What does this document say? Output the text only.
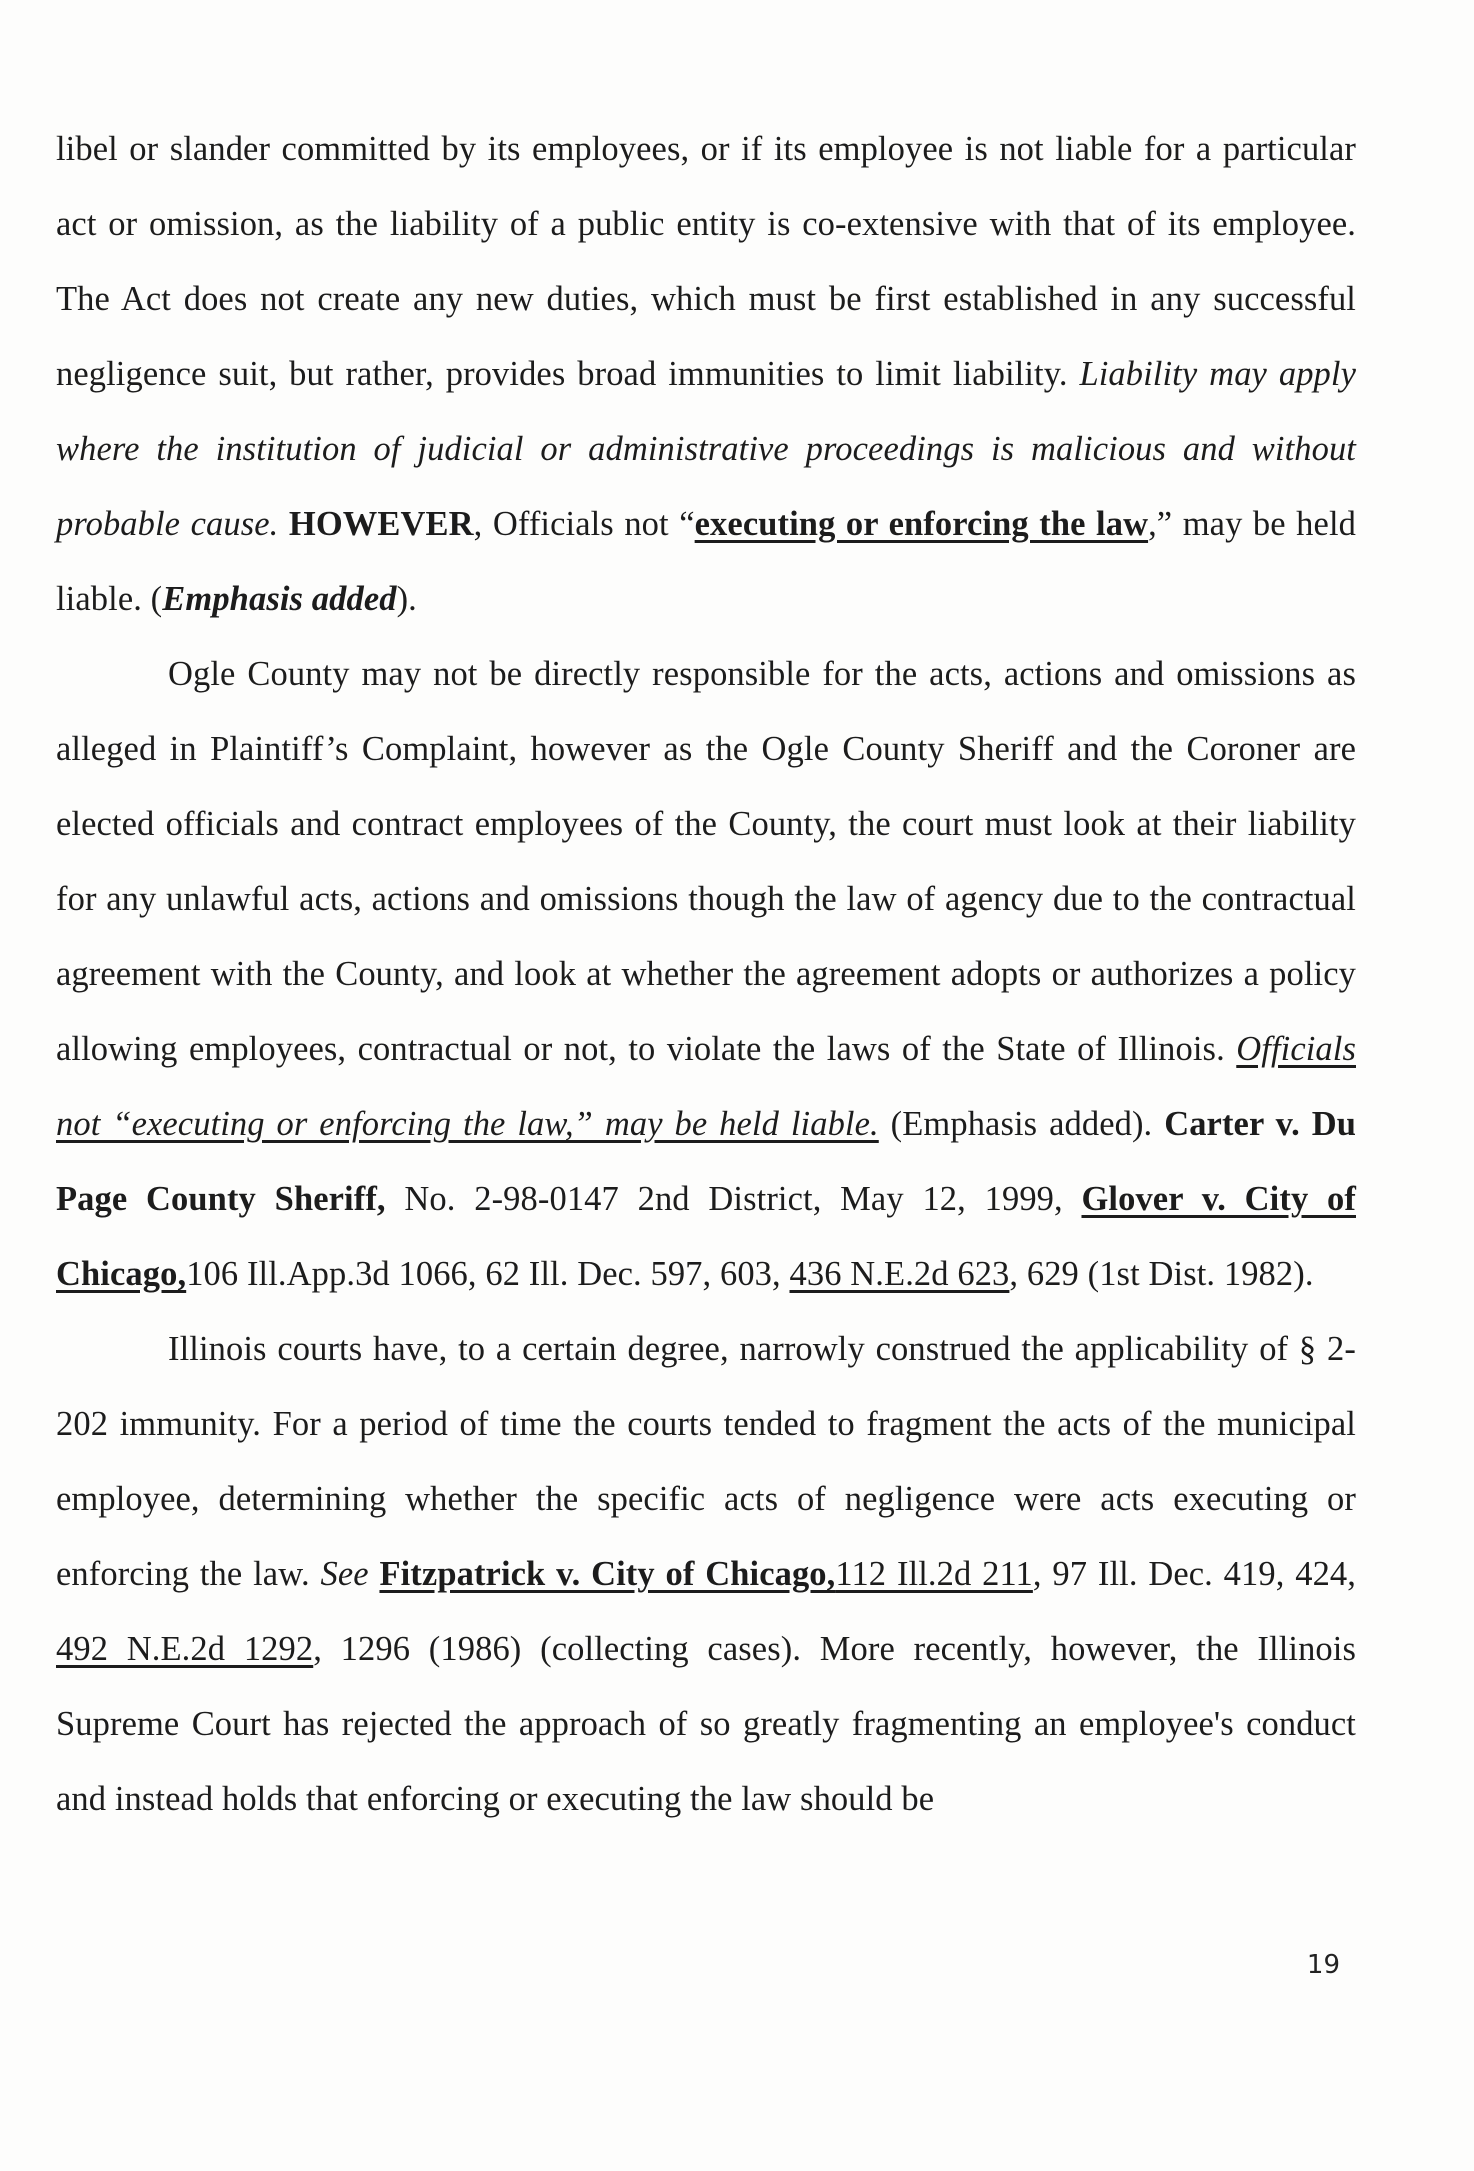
libel or slander committed by its employees, or if its employee is not liable for a particular act or omission, as the liability of a public entity is co-extensive with that of its employee. The Act does not create any new duties, which must be first established in any successful negligence suit, but rather, provides broad immunities to limit liability. Liability may apply where the institution of judicial or administrative proceedings is malicious and without probable cause. HOWEVER, Officials not “executing or enforcing the law,” may be held liable. (Emphasis added).

Ogle County may not be directly responsible for the acts, actions and omissions as alleged in Plaintiff’s Complaint, however as the Ogle County Sheriff and the Coroner are elected officials and contract employees of the County, the court must look at their liability for any unlawful acts, actions and omissions though the law of agency due to the contractual agreement with the County, and look at whether the agreement adopts or authorizes a policy allowing employees, contractual or not, to violate the laws of the State of Illinois. Officials not “executing or enforcing the law,” may be held liable. (Emphasis added). Carter v. Du Page County Sheriff, No. 2-98-0147 2nd District, May 12, 1999, Glover v. City of Chicago,106 Ill.App.3d 1066, 62 Ill. Dec. 597, 603, 436 N.E.2d 623, 629 (1st Dist. 1982).

Illinois courts have, to a certain degree, narrowly construed the applicability of § 2-202 immunity. For a period of time the courts tended to fragment the acts of the municipal employee, determining whether the specific acts of negligence were acts executing or enforcing the law. See Fitzpatrick v. City of Chicago,112 Ill.2d 211, 97 Ill. Dec. 419, 424, 492 N.E.2d 1292, 1296 (1986) (collecting cases). More recently, however, the Illinois Supreme Court has rejected the approach of so greatly fragmenting an employee's conduct and instead holds that enforcing or executing the law should be

19
